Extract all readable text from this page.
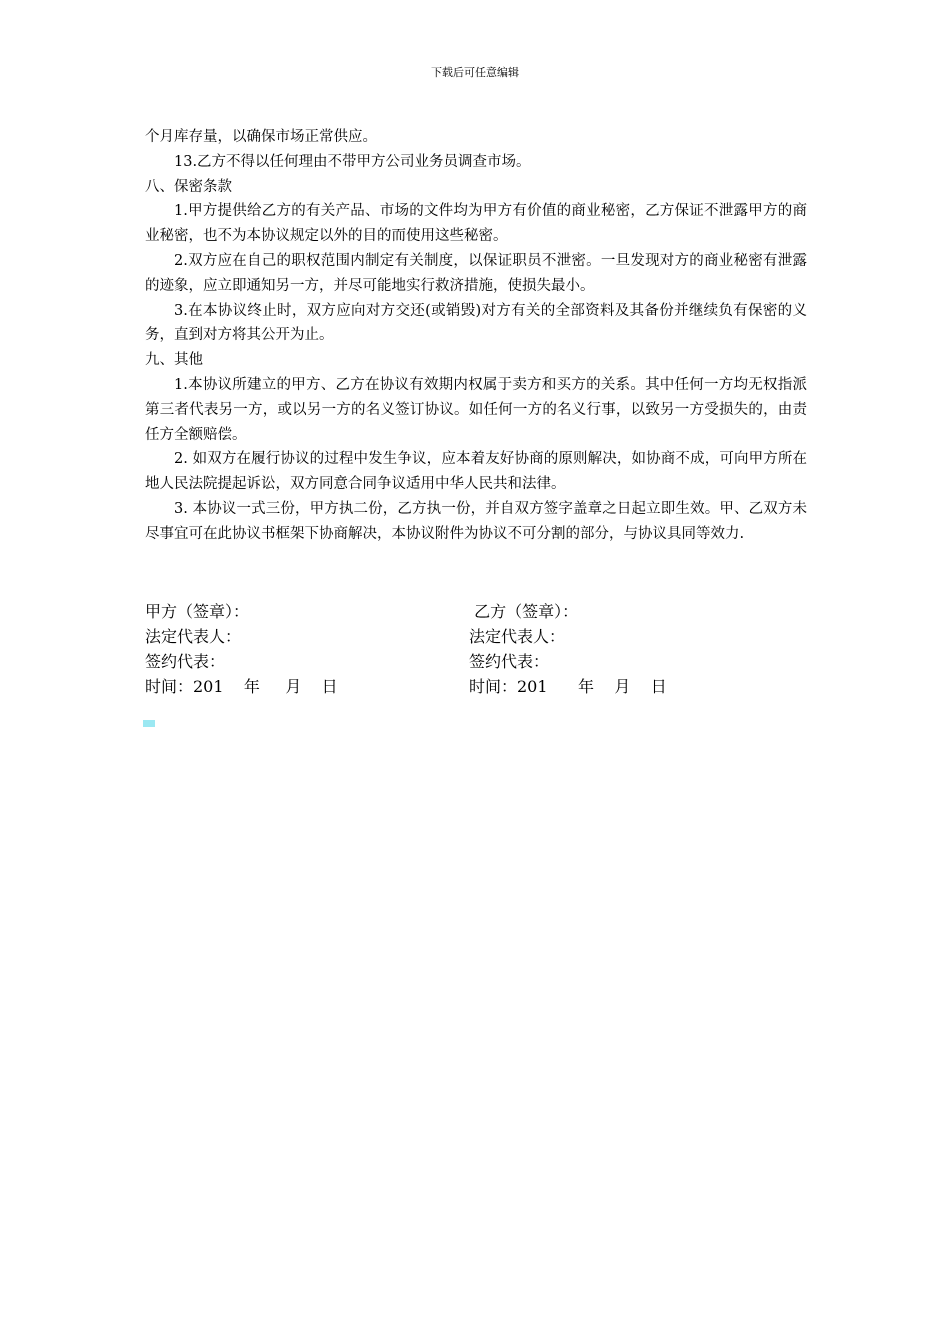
下载后可任意编辑

个月库存量，以确保市场正常供应。

13.乙方不得以任何理由不带甲方公司业务员调查市场。

八、保密条款

1.甲方提供给乙方的有关产品、市场的文件均为甲方有价值的商业秘密，乙方保证不泄露甲方的商业秘密，也不为本协议规定以外的目的而使用这些秘密。

2.双方应在自己的职权范围内制定有关制度，以保证职员不泄密。一旦发现对方的商业秘密有泄露的迹象，应立即通知另一方，并尽可能地实行救济措施，使损失最小。

3.在本协议终止时，双方应向对方交还(或销毁)对方有关的全部资料及其备份并继续负有保密的义务，直到对方将其公开为止。

九、其他

1.本协议所建立的甲方、乙方在协议有效期内权属于卖方和买方的关系。其中任何一方均无权指派第三者代表另一方，或以另一方的名义签订协议。如任何一方的名义行事，以致另一方受损失的，由责任方全额赔偿。

2. 如双方在履行协议的过程中发生争议，应本着友好协商的原则解决，如协商不成，可向甲方所在地人民法院提起诉讼，双方同意合同争议适用中华人民共和法律。

3. 本协议一式三份，甲方执二份，乙方执一份，并自双方签字盖章之日起立即生效。甲、乙双方未尽事宜可在此协议书框架下协商解决，本协议附件为协议不可分割的部分，与协议具同等效力.

甲方（签章）：
法定代表人：
签约代表：
时间：201    年     月    日
乙方（签章）：
法定代表人：
签约代表：
时间：201      年    月    日
